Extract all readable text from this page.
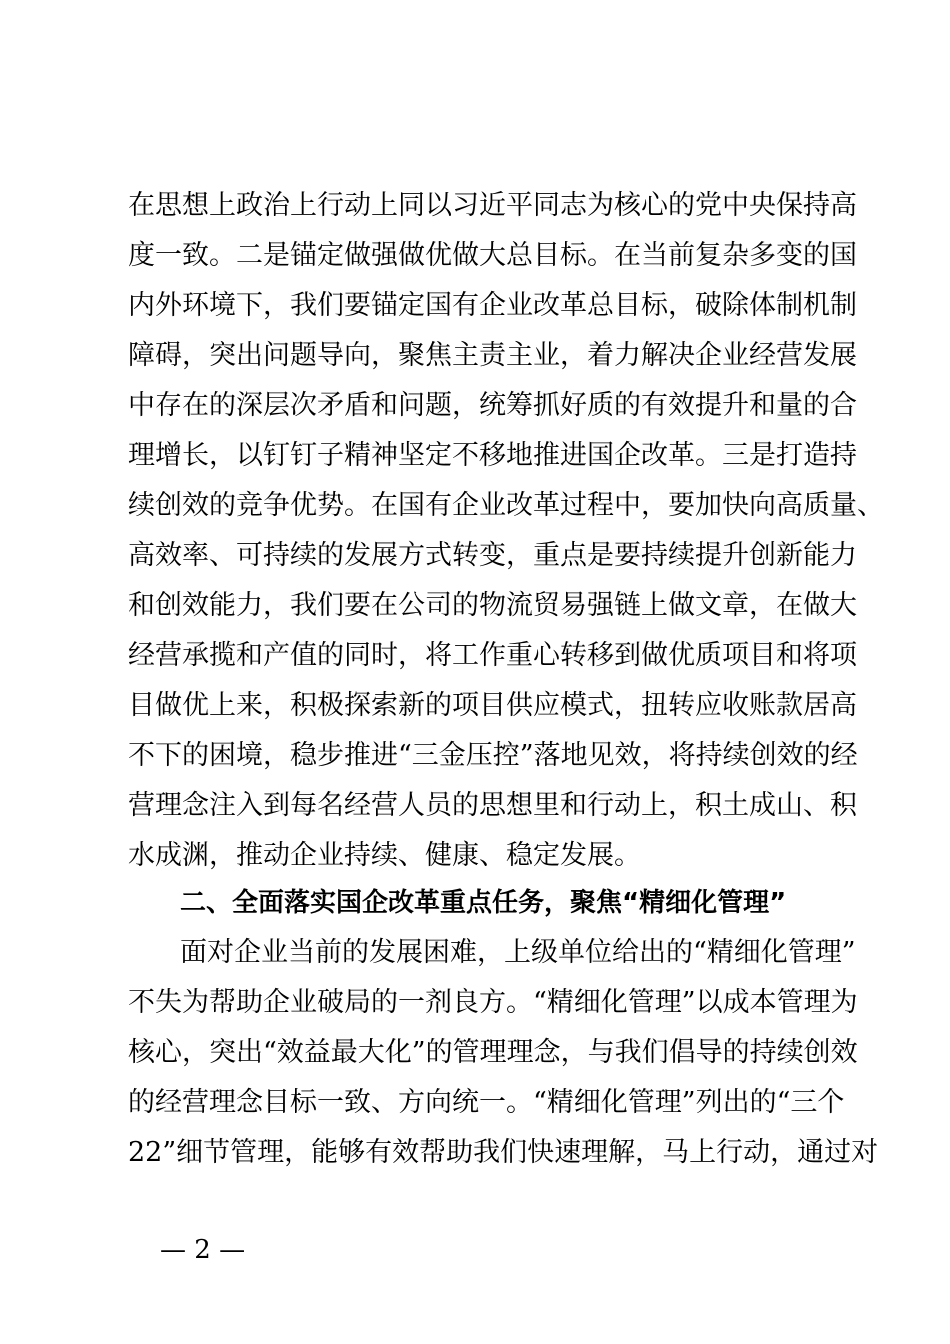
在思想上政治上行动上同以习近平同志为核心的党中央保持高
度一致。二是锚定做强做优做大总目标。在当前复杂多变的国
内外环境下，我们要锚定国有企业改革总目标，破除体制机制
障碍，突出问题导向，聚焦主责主业，着力解决企业经营发展
中存在的深层次矛盾和问题，统筹抓好质的有效提升和量的合
理增长，以钉钉子精神坚定不移地推进国企改革。三是打造持
续创效的竞争优势。在国有企业改革过程中，要加快向高质量、
高效率、可持续的发展方式转变，重点是要持续提升创新能力
和创效能力，我们要在公司的物流贸易强链上做文章，在做大
经营承揽和产值的同时，将工作重心转移到做优质项目和将项
目做优上来，积极探索新的项目供应模式，扭转应收账款居高
不下的困境，稳步推进“三金压控”落地见效，将持续创效的经
营理念注入到每名经营人员的思想里和行动上，积土成山、积
水成渊，推动企业持续、健康、稳定发展。
二、全面落实国企改革重点任务，聚焦“精细化管理”
面对企业当前的发展困难，上级单位给出的“精细化管理”
不失为帮助企业破局的一剂良方。“精细化管理”以成本管理为
核心，突出“效益最大化”的管理理念，与我们倡导的持续创效
的经营理念目标一致、方向统一。“精细化管理”列出的“三个
22”细节管理，能够有效帮助我们快速理解，马上行动，通过对
— 2 —
